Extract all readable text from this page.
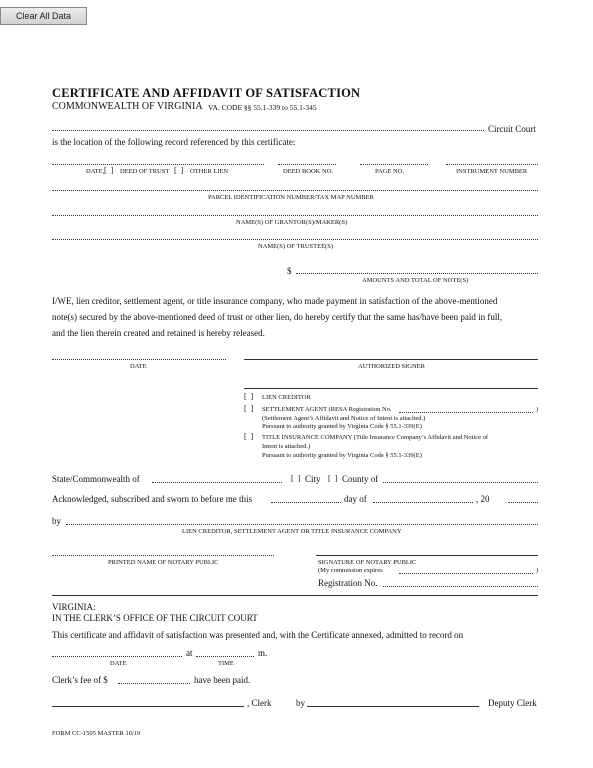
Clear All Data
CERTIFICATE AND AFFIDAVIT OF SATISFACTION
COMMONWEALTH OF VIRGINIA VA. CODE §§ 55.1-339 to 55.1-345
Circuit Court
is the location of the following record referenced by this certificate:
DATE, [  ] DEED OF TRUST [  ] OTHER LIEN	DEED BOOK NO.	PAGE NO.	INSTRUMENT NUMBER
PARCEL IDENTIFICATION NUMBER/TAX MAP NUMBER
NAME(S) OF GRANTOR(S)/MAKER(S)
NAME(S) OF TRUSTEE(S)
$
AMOUNTS AND TOTAL OF NOTE(S)
I/WE, lien creditor, settlement agent, or title insurance company, who made payment in satisfaction of the above-mentioned
note(s) secured by the above-mentioned deed of trust or other lien, do hereby certify that the same has/have been paid in full,
and the lien therein created and retained is hereby released.
DATE	AUTHORIZED SIGNER
[  ] LIEN CREDITOR
[  ] SETTLEMENT AGENT (RESA Registration No.	)
(Settlement Agent’s Affidavit and Notice of Intent is attached.)
Pursuant to authority granted by Virginia Code § 55.1-339(E)
[  ] TITLE INSURANCE COMPANY (Title Insurance Company’s Affidavit and Notice of
Intent is attached.)
Pursuant to authority granted by Virginia Code § 55.1-339(E)
State/Commonwealth of	[  ] City [  ] County of
Acknowledged, subscribed and sworn to before me this	day of	, 20
by
LIEN CREDITOR, SETTLEMENT AGENT OR TITLE INSURANCE COMPANY
PRINTED NAME OF NOTARY PUBLIC	SIGNATURE OF NOTARY PUBLIC
(My commission expires	)
Registration No.
VIRGINIA:
IN THE CLERK’S OFFICE OF THE CIRCUIT COURT
This certificate and affidavit of satisfaction was presented and, with the Certificate annexed, admitted to record on
at	m.
DATE	TIME
Clerk’s fee of $	have been paid.
, Clerk	by	Deputy Clerk
FORM CC-1505 MASTER 10/19
